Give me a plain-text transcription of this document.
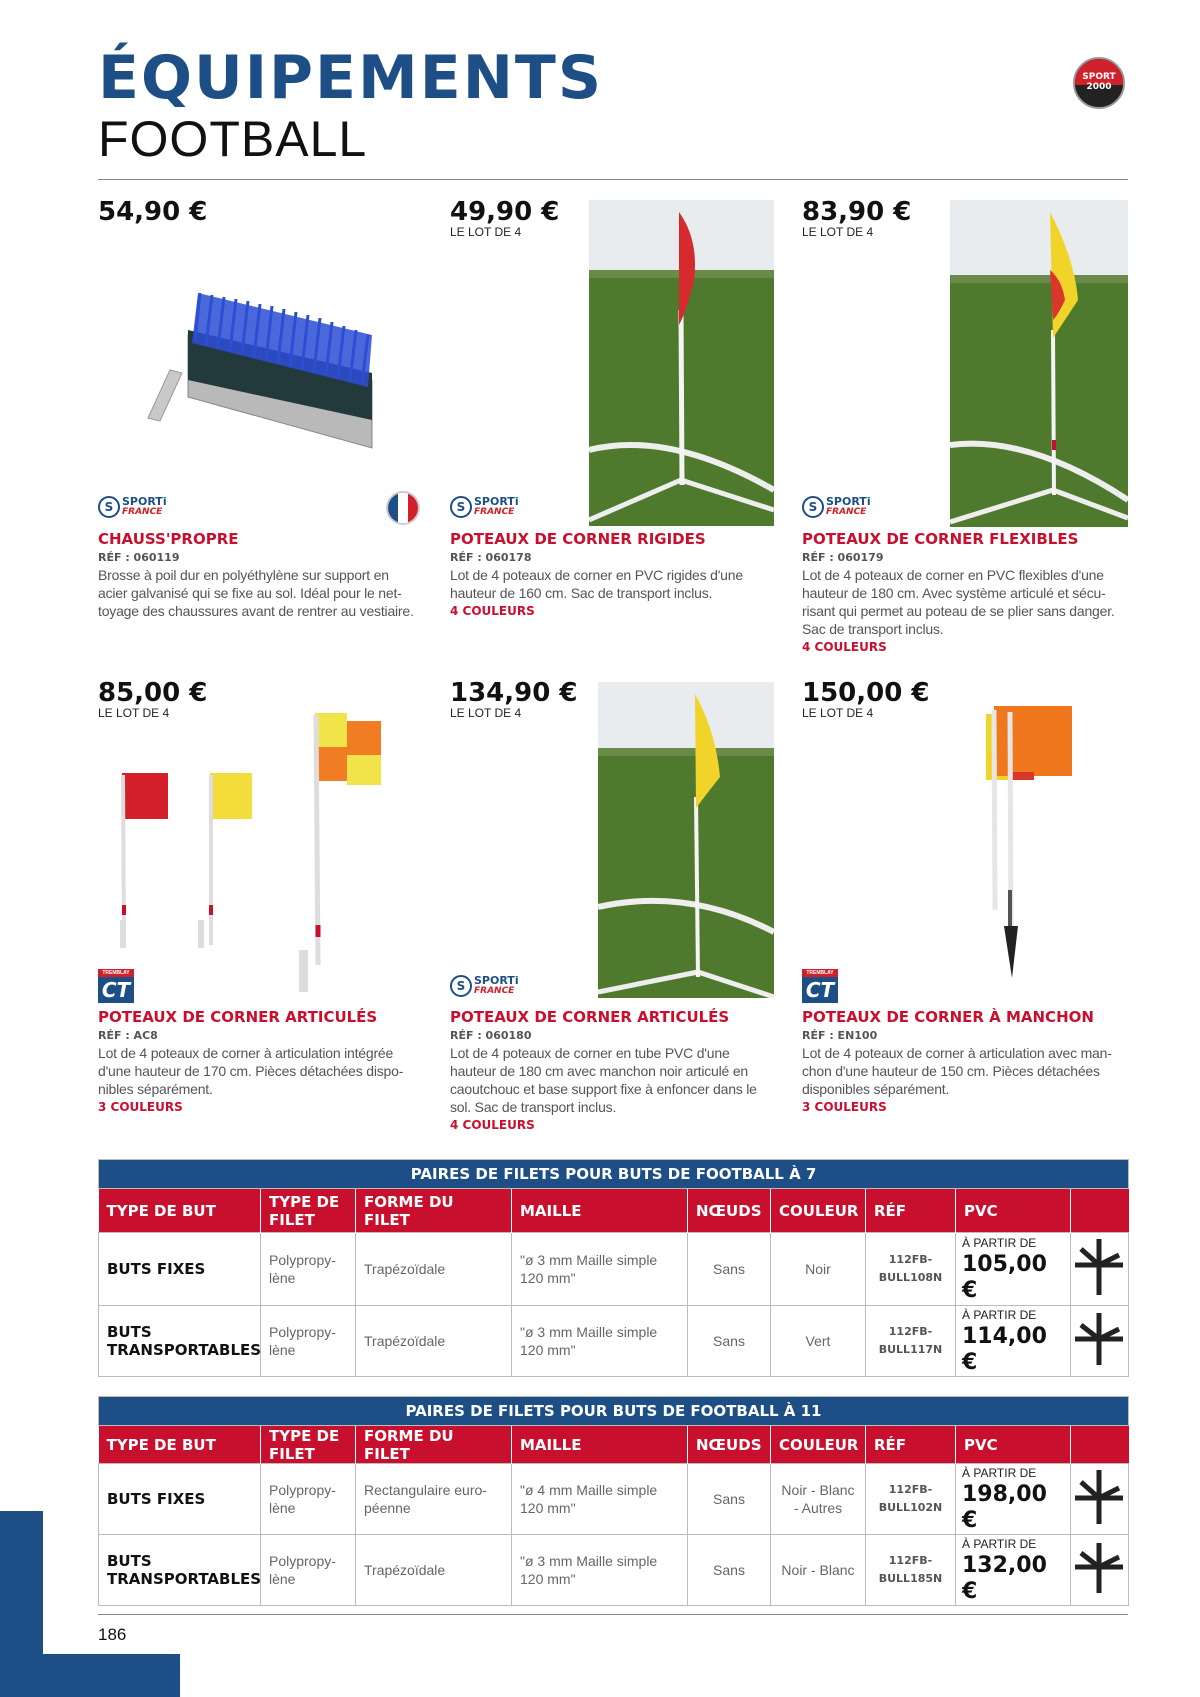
ÉQUIPEMENTS
FOOTBALL
SPORT
2000
54,90 €
S SPORTi
FRANCE
CHAUSS'PROPRE
RÉF : 060119
Brosse à poil dur en polyéthylène sur support en acier galvanisé qui se fixe au sol. Idéal pour le net-toyage des chaussures avant de rentrer au vestiaire.
49,90 €
LE LOT DE 4
S SPORTi
FRANCE
POTEAUX DE CORNER RIGIDES
RÉF : 060178
Lot de 4 poteaux de corner en PVC rigides d'une hauteur de 160 cm. Sac de transport inclus.
4 COULEURS
83,90 €
LE LOT DE 4
S SPORTi
FRANCE
POTEAUX DE CORNER FLEXIBLES
RÉF : 060179
Lot de 4 poteaux de corner en PVC flexibles d'une hauteur de 180 cm. Avec système articulé et sécu-risant qui permet au poteau de se plier sans danger. Sac de transport inclus.
4 COULEURS
85,00 €
LE LOT DE 4
TREMBLAY
CT
POTEAUX DE CORNER ARTICULÉS
RÉF : AC8
Lot de 4 poteaux de corner à articulation intégrée d'une hauteur de 170 cm. Pièces détachées dispo-nibles séparément.
3 COULEURS
134,90 €
LE LOT DE 4
S SPORTi
FRANCE
POTEAUX DE CORNER ARTICULÉS
RÉF : 060180
Lot de 4 poteaux de corner en tube PVC d'une hauteur de 180 cm avec manchon noir articulé en caoutchouc et base support fixe à enfoncer dans le sol. Sac de transport inclus.
4 COULEURS
150,00 €
LE LOT DE 4
TREMBLAY
CT
POTEAUX DE CORNER À MANCHON
RÉF : EN100
Lot de 4 poteaux de corner à articulation avec man-chon d'une hauteur de 150 cm. Pièces détachées disponibles séparément.
3 COULEURS
PAIRES DE FILETS POUR BUTS DE FOOTBALL À 7								
TYPE DE BUT	TYPE DE FILET	FORME DU FILET	MAILLE	NŒUDS	COULEUR	RÉF	PVC	
BUTS FIXES	Polypropy-lène	Trapézoïdale	"ø 3 mm Maille simple 120 mm"	Sans	Noir	112FB-BULL108N	À PARTIR DE
105,00 €

BUTS TRANSPORTABLES	Polypropy-lène	Trapézoïdale	"ø 3 mm Maille simple 120 mm"	Sans	Vert	112FB-BULL117N	À PARTIR DE
114,00 €

PAIRES DE FILETS POUR BUTS DE FOOTBALL À 11								
TYPE DE BUT	TYPE DE FILET	FORME DU FILET	MAILLE	NŒUDS	COULEUR	RÉF	PVC	
BUTS FIXES	Polypropy-lène	Rectangulaire euro-péenne	"ø 4 mm Maille simple 120 mm"	Sans	Noir - Blanc - Autres	112FB-BULL102N	À PARTIR DE
198,00 €

BUTS TRANSPORTABLES	Polypropy-lène	Trapézoïdale	"ø 3 mm Maille simple 120 mm"	Sans	Noir - Blanc	112FB-BULL185N	À PARTIR DE
132,00 €

186
